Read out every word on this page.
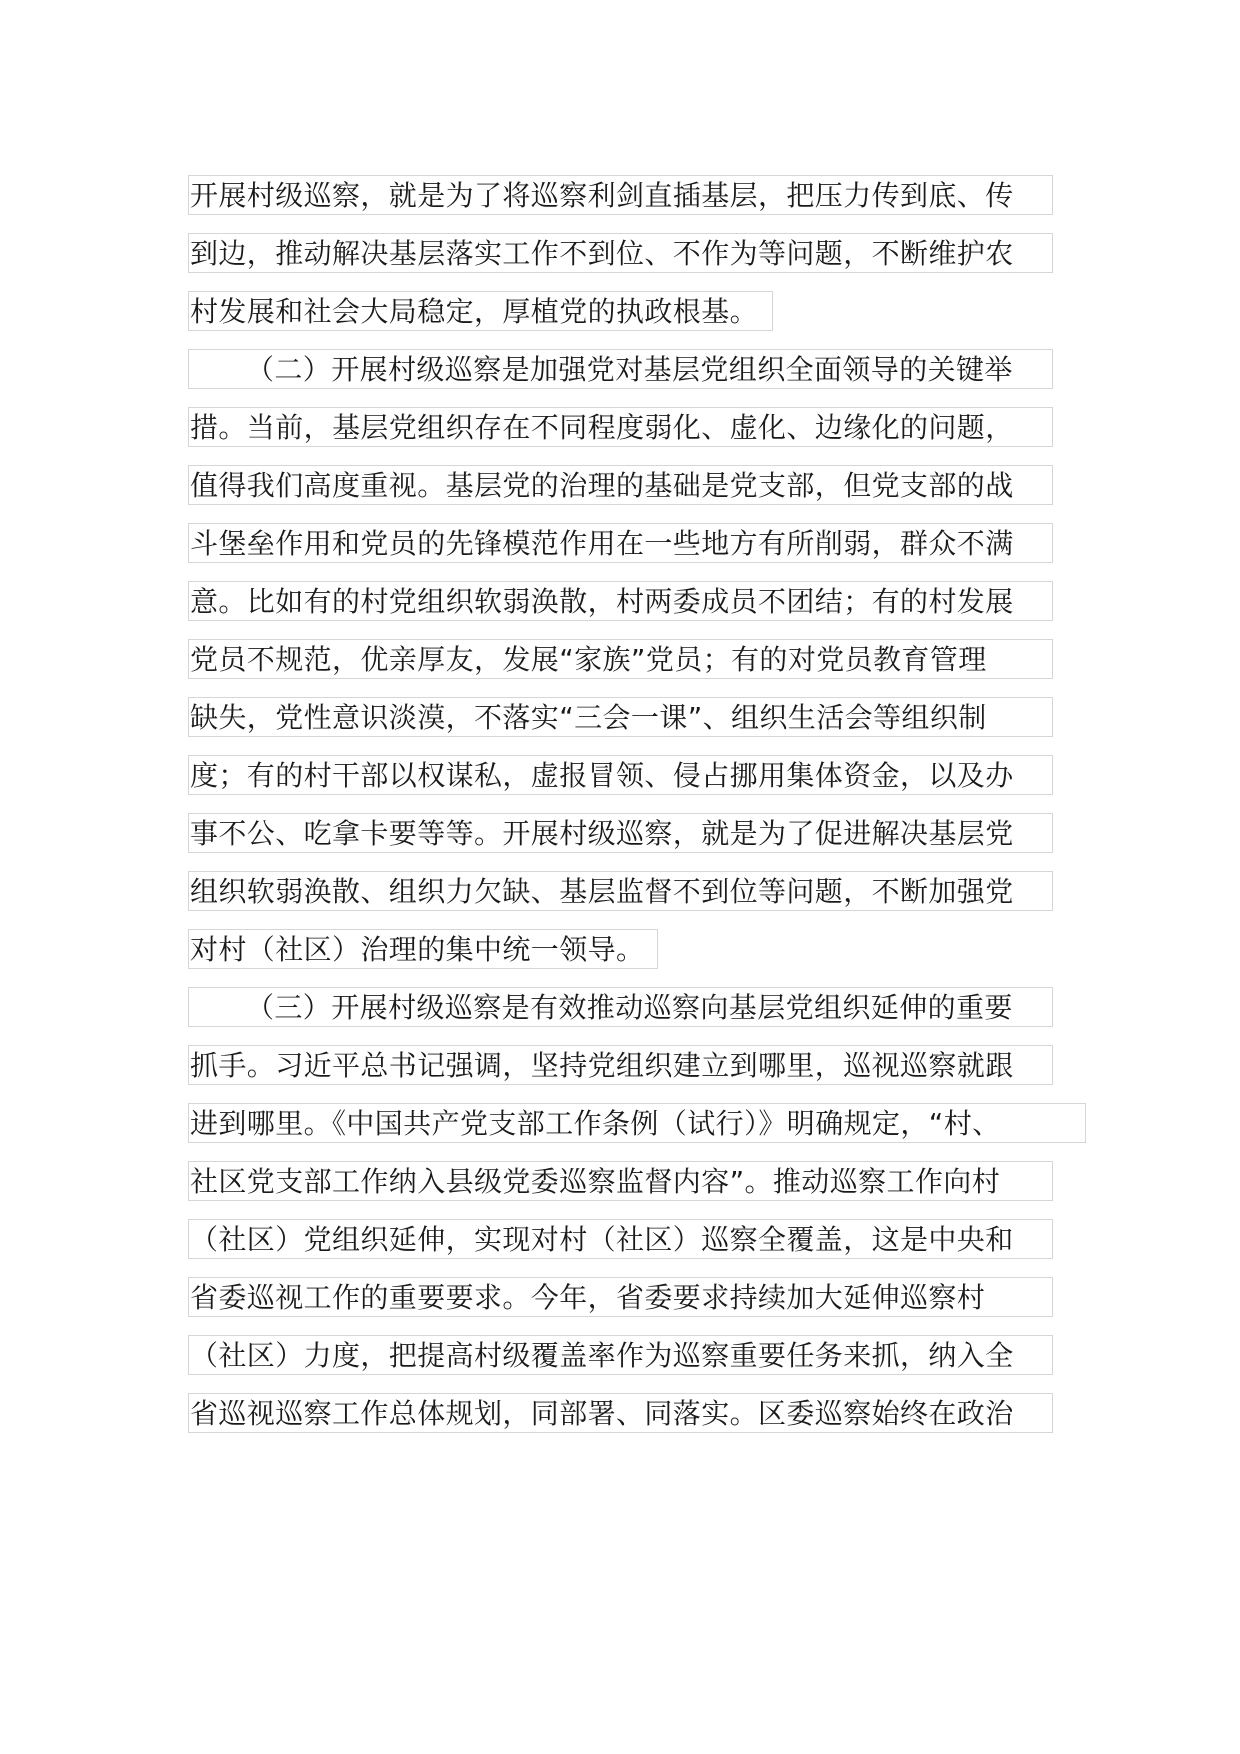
开展村级巡察，就是为了将巡察利剑直插基层，把压力传到底、传
到边，推动解决基层落实工作不到位、不作为等问题，不断维护农
村发展和社会大局稳定，厚植党的执政根基。
（二）开展村级巡察是加强党对基层党组织全面领导的关键举
措。当前，基层党组织存在不同程度弱化、虚化、边缘化的问题，
值得我们高度重视。基层党的治理的基础是党支部，但党支部的战
斗堡垒作用和党员的先锋模范作用在一些地方有所削弱，群众不满
意。比如有的村党组织软弱涣散，村两委成员不团结；有的村发展
党员不规范，优亲厚友，发展“家族”党员；有的对党员教育管理
缺失，党性意识淡漠，不落实“三会一课”、组织生活会等组织制
度；有的村干部以权谋私，虚报冒领、侵占挪用集体资金，以及办
事不公、吃拿卡要等等。开展村级巡察，就是为了促进解决基层党
组织软弱涣散、组织力欠缺、基层监督不到位等问题，不断加强党
对村（社区）治理的集中统一领导。
（三）开展村级巡察是有效推动巡察向基层党组织延伸的重要
抓手。习近平总书记强调，坚持党组织建立到哪里，巡视巡察就跟
进到哪里。《中国共产党支部工作条例（试行）》明确规定，“村、
社区党支部工作纳入县级党委巡察监督内容”。推动巡察工作向村
（社区）党组织延伸，实现对村（社区）巡察全覆盖，这是中央和
省委巡视工作的重要要求。今年，省委要求持续加大延伸巡察村
（社区）力度，把提高村级覆盖率作为巡察重要任务来抓，纳入全
省巡视巡察工作总体规划，同部署、同落实。区委巡察始终在政治
